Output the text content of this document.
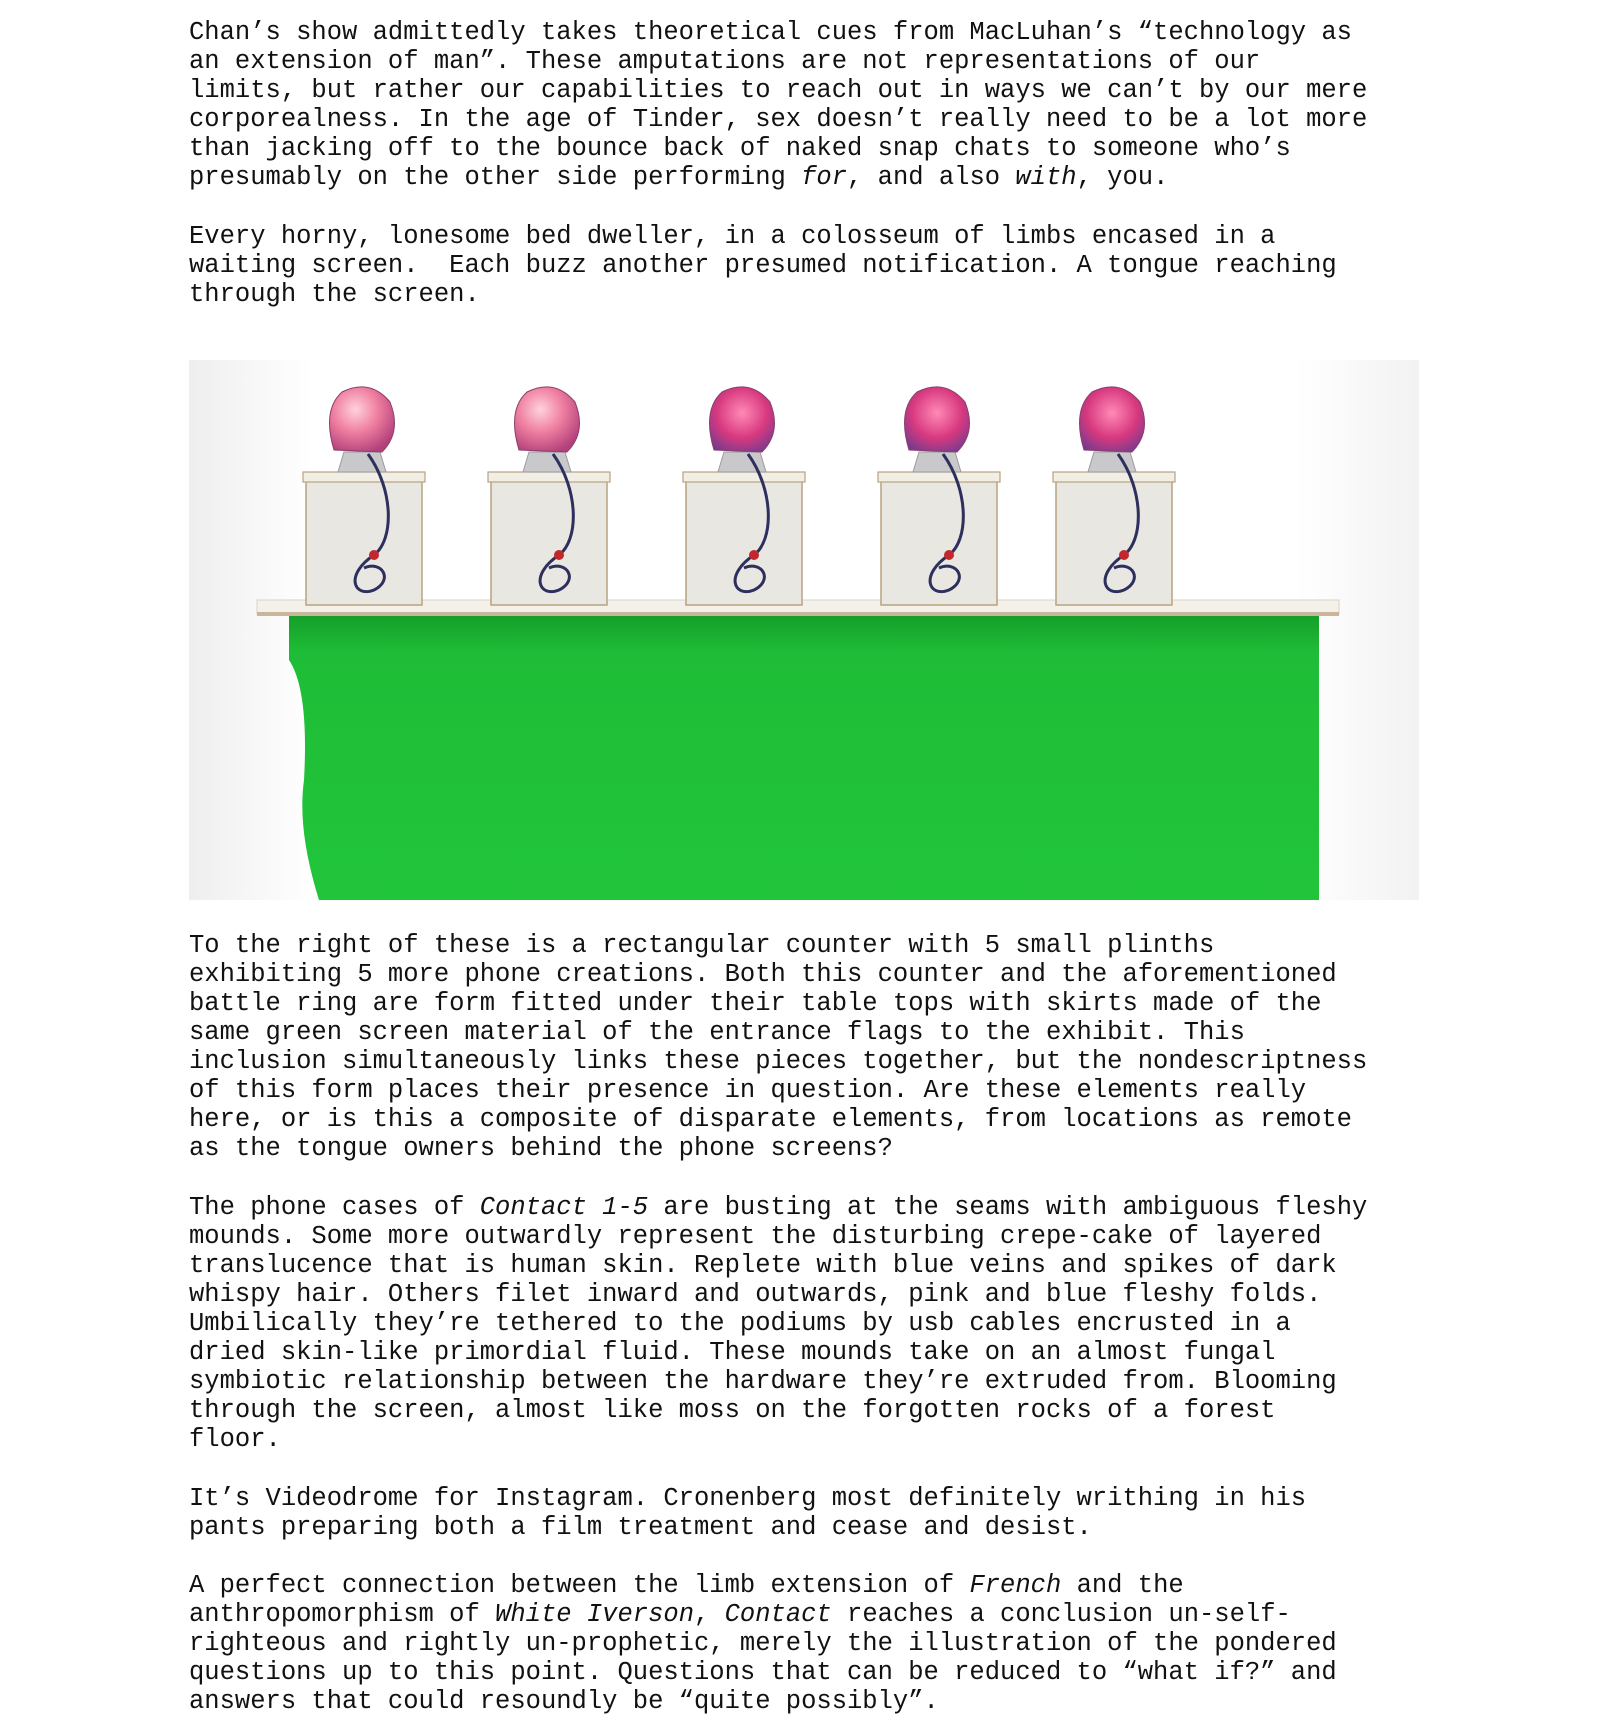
Chan’s show admittedly takes theoretical cues from MacLuhan’s “technology as
an extension of man”. These amputations are not representations of our
limits, but rather our capabilities to reach out in ways we can’t by our mere
corporealness. In the age of Tinder, sex doesn’t really need to be a lot more
than jacking off to the bounce back of naked snap chats to someone who’s
presumably on the other side performing for, and also with, you.

Every horny, lonesome bed dweller, in a colosseum of limbs encased in a
waiting screen.  Each buzz another presumed notification. A tongue reaching
through the screen.

To the right of these is a rectangular counter with 5 small plinths
exhibiting 5 more phone creations. Both this counter and the aforementioned
battle ring are form fitted under their table tops with skirts made of the
same green screen material of the entrance flags to the exhibit. This
inclusion simultaneously links these pieces together, but the nondescriptness
of this form places their presence in question. Are these elements really
here, or is this a composite of disparate elements, from locations as remote
as the tongue owners behind the phone screens?

The phone cases of Contact 1-5 are busting at the seams with ambiguous fleshy
mounds. Some more outwardly represent the disturbing crepe-cake of layered
translucence that is human skin. Replete with blue veins and spikes of dark
whispy hair. Others filet inward and outwards, pink and blue fleshy folds.
Umbilically they’re tethered to the podiums by usb cables encrusted in a
dried skin-like primordial fluid. These mounds take on an almost fungal
symbiotic relationship between the hardware they’re extruded from. Blooming
through the screen, almost like moss on the forgotten rocks of a forest
floor.

It’s Videodrome for Instagram. Cronenberg most definitely writhing in his
pants preparing both a film treatment and cease and desist.

A perfect connection between the limb extension of French and the
anthropomorphism of White Iverson, Contact reaches a conclusion un-self-
righteous and rightly un-prophetic, merely the illustration of the pondered
questions up to this point. Questions that can be reduced to “what if?” and
answers that could resoundly be “quite possibly”.
